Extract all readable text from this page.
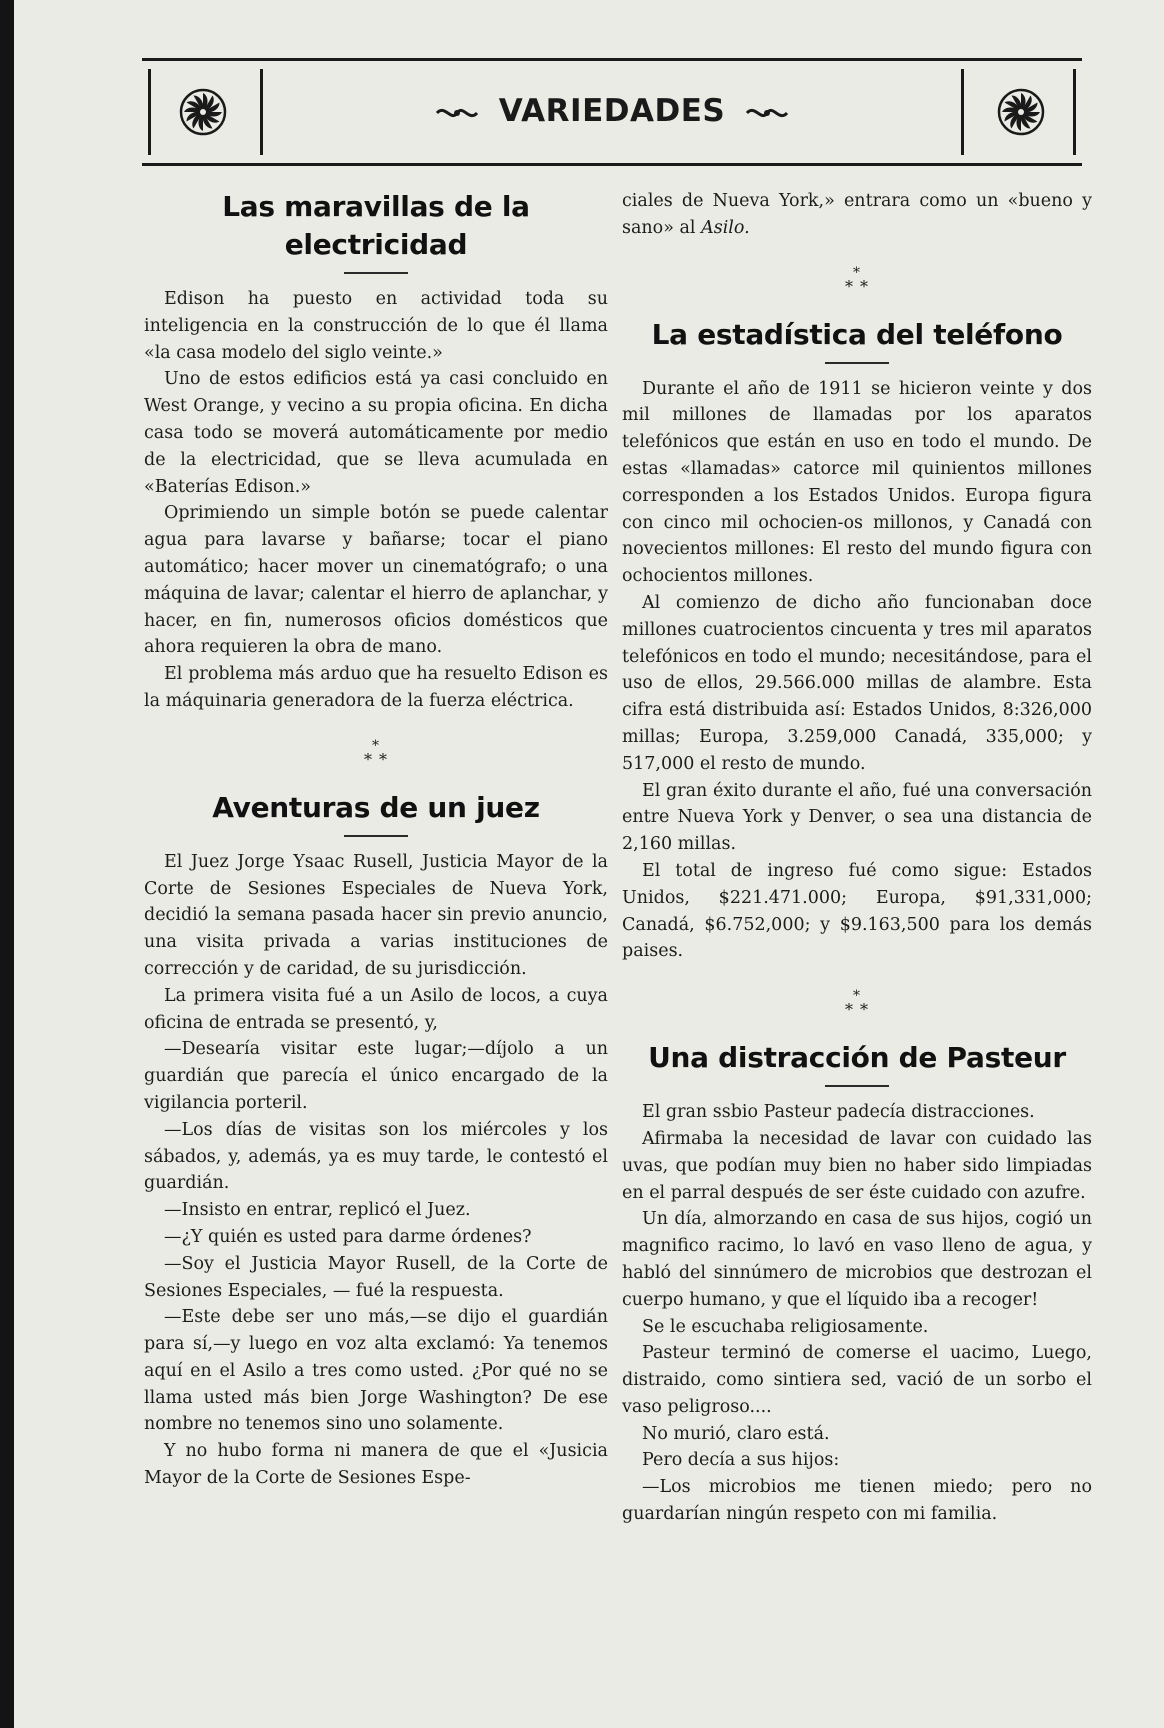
VARIEDADES
Las maravillas de la electricidad

Edison ha puesto en actividad toda su inteligencia en la construcción de lo que él llama «la casa modelo del siglo veinte.»

Uno de estos edificios está ya casi concluido en West Orange, y vecino a su propia oficina. En dicha casa todo se moverá automáticamente por medio de la electricidad, que se lleva acumulada en «Baterías Edison.»

Oprimiendo un simple botón se puede calentar agua para lavarse y bañarse; tocar el piano automático; hacer mover un cinematógrafo; o una máquina de lavar; calentar el hierro de aplanchar, y hacer, en fin, numerosos oficios domésticos que ahora requieren la obra de mano.

El problema más arduo que ha resuelto Edison es la máquinaria generadora de la fuerza eléctrica.

*
* *
Aventuras de un juez

El Juez Jorge Ysaac Rusell, Justicia Mayor de la Corte de Sesiones Especiales de Nueva York, decidió la semana pasada hacer sin previo anuncio, una visita privada a varias instituciones de corrección y de caridad, de su jurisdicción.

La primera visita fué a un Asilo de locos, a cuya oficina de entrada se presentó, y,

—Desearía visitar este lugar;—díjolo a un guardián que parecía el único encargado de la vigilancia porteril.

—Los días de visitas son los miércoles y los sábados, y, además, ya es muy tarde, le contestó el guardián.

—Insisto en entrar, replicó el Juez.

—¿Y quién es usted para darme órdenes?

—Soy el Justicia Mayor Rusell, de la Corte de Sesiones Especiales, — fué la respuesta.

—Este debe ser uno más,—se dijo el guardián para sí,—y luego en voz alta exclamó: Ya tenemos aquí en el Asilo a tres como usted. ¿Por qué no se llama usted más bien Jorge Washington? De ese nombre no tenemos sino uno solamente.

Y no hubo forma ni manera de que el «Jusicia Mayor de la Corte de Sesiones Espe-

ciales de Nueva York,» entrara como un «bueno y sano» al Asilo.

*
* *
La estadística del teléfono

Durante el año de 1911 se hicieron veinte y dos mil millones de llamadas por los aparatos telefónicos que están en uso en todo el mundo. De estas «llamadas» catorce mil quinientos millones corresponden a los Estados Unidos. Europa figura con cinco mil ochocien-os millonos, y Canadá con novecientos millones: El resto del mundo figura con ochocientos millones.

Al comienzo de dicho año funcionaban doce millones cuatrocientos cincuenta y tres mil aparatos telefónicos en todo el mundo; necesitándose, para el uso de ellos, 29.566.000 millas de alambre. Esta cifra está distribuida así: Estados Unidos, 8:326,000 millas; Europa, 3.259,000 Canadá, 335,000; y 517,000 el resto de mundo.

El gran éxito durante el año, fué una conversación entre Nueva York y Denver, o sea una distancia de 2,160 millas.

El total de ingreso fué como sigue: Estados Unidos, $221.471.000; Europa, $91,331,000; Canadá, $6.752,000; y $9.163,500 para los demás paises.

*
* *
Una distracción de Pasteur

El gran ssbio Pasteur padecía distracciones.

Afirmaba la necesidad de lavar con cuidado las uvas, que podían muy bien no haber sido limpiadas en el parral después de ser éste cuidado con azufre.

Un día, almorzando en casa de sus hijos, cogió un magnifico racimo, lo lavó en vaso lleno de agua, y habló del sinnúmero de microbios que destrozan el cuerpo humano, y que el líquido iba a recoger!

Se le escuchaba religiosamente.

Pasteur terminó de comerse el uacimo, Luego, distraido, como sintiera sed, vació de un sorbo el vaso peligroso....

No murió, claro está.

Pero decía a sus hijos:

—Los microbios me tienen miedo; pero no guardarían ningún respeto con mi familia.
